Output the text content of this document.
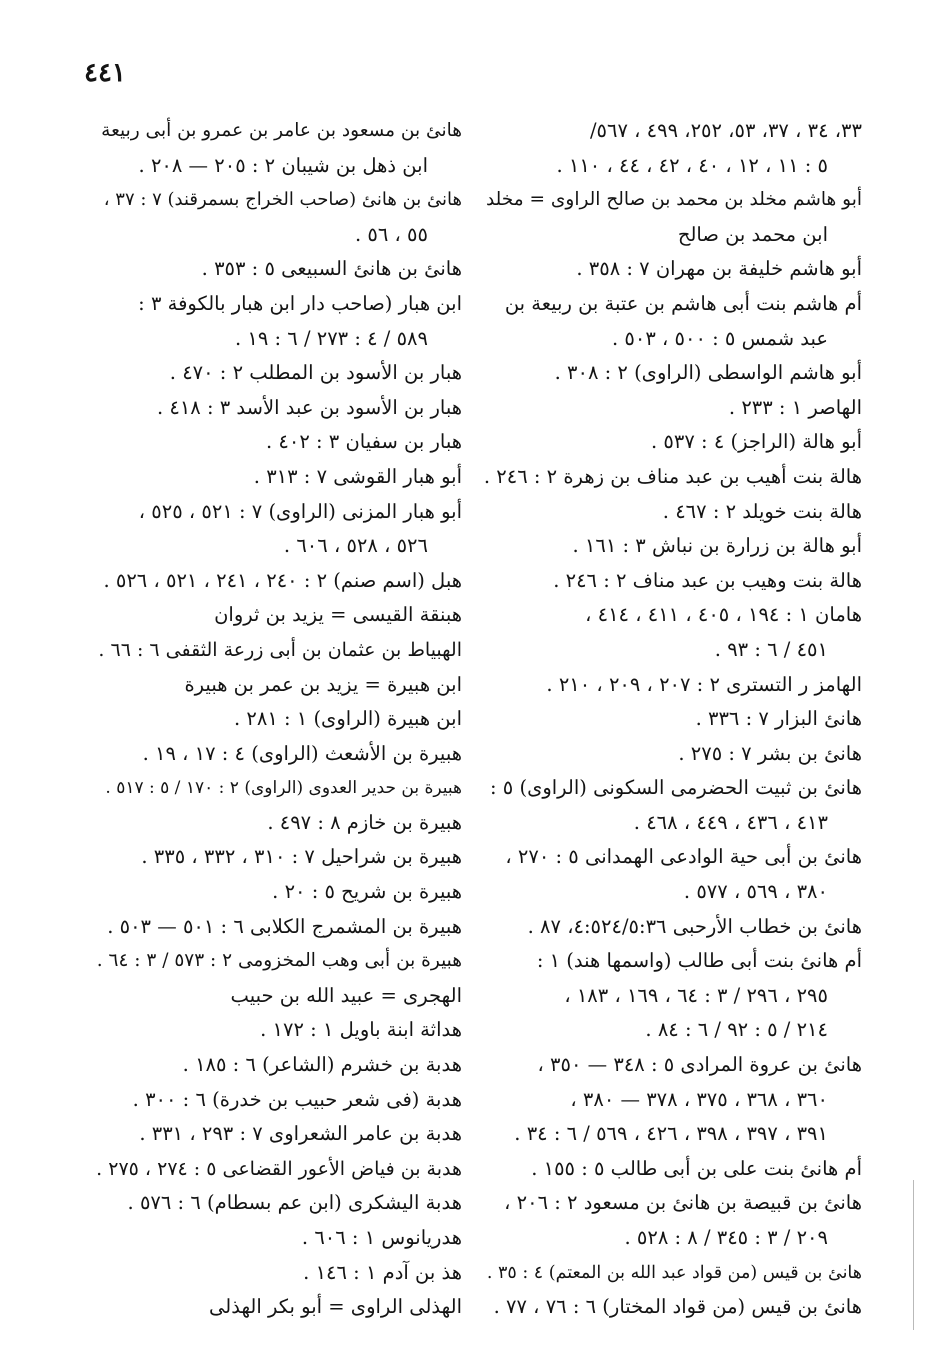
٤٤١
٣٣، ٣٤ ، ٣٧، ٥٣، ٢٥٢، ٤٩٩ ، ٥٦٧/
٥ : ١١ ، ١٢ ، ٤٠ ، ٤٢ ، ٤٤ ، ١١٠ .
أبو هاشم مخلد بن محمد بن صالح الراوى = مخلد
ابن محمد بن صالح
أبو هاشم خليفة بن مهران ٧ : ٣٥٨ .
أم هاشم بنت أبى هاشم بن عتبة بن ربيعة بن
عبد شمس ٥ : ٥٠٠ ، ٥٠٣ .
أبو هاشم الواسطى (الراوى) ٢ : ٣٠٨ .
الهاصر ١ : ٢٣٣ .
أبو هالة (الراجز) ٤ : ٥٣٧ .
هالة بنت أهيب بن عبد مناف بن زهرة ٢ : ٢٤٦ .
هالة بنت خويلد ٢ : ٤٦٧ .
أبو هالة بن زرارة بن نباش ٣ : ١٦١ .
هالة بنت وهيب بن عبد مناف ٢ : ٢٤٦ .
هامان ١ : ١٩٤ ، ٤٠٥ ، ٤١١ ، ٤١٤ ،
٤٥١ / ٦ : ٩٣ .
الهامز ر التسترى ٢ : ٢٠٧ ، ٢٠٩ ، ٢١٠ .
هانئ البزار ٧ : ٣٣٦ .
هانئ بن بشر ٧ : ٢٧٥ .
هانئ بن ثبيت الحضرمى السكونى (الراوى) ٥ :
٤١٣ ، ٤٣٦ ، ٤٤٩ ، ٤٦٨ .
هانئ بن أبى حية الوادعى الهمدانى ٥ : ٢٧٠ ،
٣٨٠ ، ٥٦٩ ، ٥٧٧ .
هانئ بن خطاب الأرحبى ٤:٥٢٤/٥:٣٦، ٨٧ .
أم هانئ بنت أبى طالب (واسمها هند) ١ :
٢٩٥ ، ٢٩٦ / ٣ : ٦٤ ، ١٦٩ ، ١٨٣ ،
٢١٤ / ٥ : ٩٢ / ٦ : ٨٤ .
هانئ بن عروة المرادى ٥ : ٣٤٨ — ٣٥٠ ،
٣٦٠ ، ٣٦٨ ، ٣٧٥ ، ٣٧٨ — ٣٨٠ ،
٣٩١ ، ٣٩٧ ، ٣٩٨ ، ٤٢٦ ، ٥٦٩ / ٦ : ٣٤ .
أم هانئ بنت على بن أبى طالب ٥ : ١٥٥ .
هانئ بن قبيصة بن هانئ بن مسعود ٢ : ٢٠٦ ،
٢٠٩ / ٣ : ٣٤٥ / ٨ : ٥٢٨ .
هانئ بن قيس (من قواد عبد الله بن المعتم) ٤ : ٣٥ .
هانئ بن قيس (من قواد المختار) ٦ : ٧٦ ، ٧٧ .
هانئ بن مسعود بن عامر بن عمرو بن أبى ربيعة
ابن ذهل بن شيبان ٢ : ٢٠٥ — ٢٠٨ .
هانئ بن هانئ (صاحب الخراج بسمرقند) ٧ : ٣٧ ،
٥٥ ، ٥٦ .
هانئ بن هانئ السبيعى ٥ : ٣٥٣ .
ابن هبار (صاحب دار ابن هبار بالكوفة ٣ :
٥٨٩ / ٤ : ٢٧٣ / ٦ : ١٩ .
هبار بن الأسود بن المطلب ٢ : ٤٧٠ .
هبار بن الأسود بن عبد الأسد ٣ : ٤١٨ .
هبار بن سفيان ٣ : ٤٠٢ .
أبو هبار القوشى ٧ : ٣١٣ .
أبو هبار المزنى (الراوى) ٧ : ٥٢١ ، ٥٢٥ ،
٥٢٦ ، ٥٢٨ ، ٦٠٦ .
هبل (اسم صنم) ٢ : ٢٤٠ ، ٢٤١ ، ٥٢١ ، ٥٢٦ .
هبنقة القيسى = يزيد بن ثروان
الهبياط بن عثمان بن أبى زرعة الثقفى ٦ : ٦٦ .
ابن هبيرة = يزيد بن عمر بن هبيرة
ابن هبيرة (الراوى) ١ : ٢٨١ .
هبيرة بن الأشعث (الراوى) ٤ : ١٧ ، ١٩ .
هبيرة بن حدير العدوى (الراوى) ٢ : ١٧٠ / ٥ : ٥١٧ .
هبيرة بن خازم ٨ : ٤٩٧ .
هبيرة بن شراحيل ٧ : ٣١٠ ، ٣٣٢ ، ٣٣٥ .
هبيرة بن شريح ٥ : ٢٠ .
هبيرة بن المشمرج الكلابى ٦ : ٥٠١ — ٥٠٣ .
هبيرة بن أبى وهب المخزومى ٢ : ٥٧٣ / ٣ : ٦٤ .
الهجرى = عبيد الله بن حبيب
هداثة ابنة باويل ١ : ١٧٢ .
هدبة بن خشرم (الشاعر) ٦ : ١٨٥ .
هدبة (فى شعر حبيب بن خدرة) ٦ : ٣٠٠ .
هدبة بن عامر الشعراوى ٧ : ٢٩٣ ، ٣٣١ .
هدبة بن فياض الأعور القضاعى ٥ : ٢٧٤ ، ٢٧٥ .
هدبة اليشكرى (ابن عم بسطام) ٦ : ٥٧٦ .
هدريانوس ١ : ٦٠٦ .
هذ بن آدم ١ : ١٤٦ .
الهذلى الراوى = أبو بكر الهذلى
